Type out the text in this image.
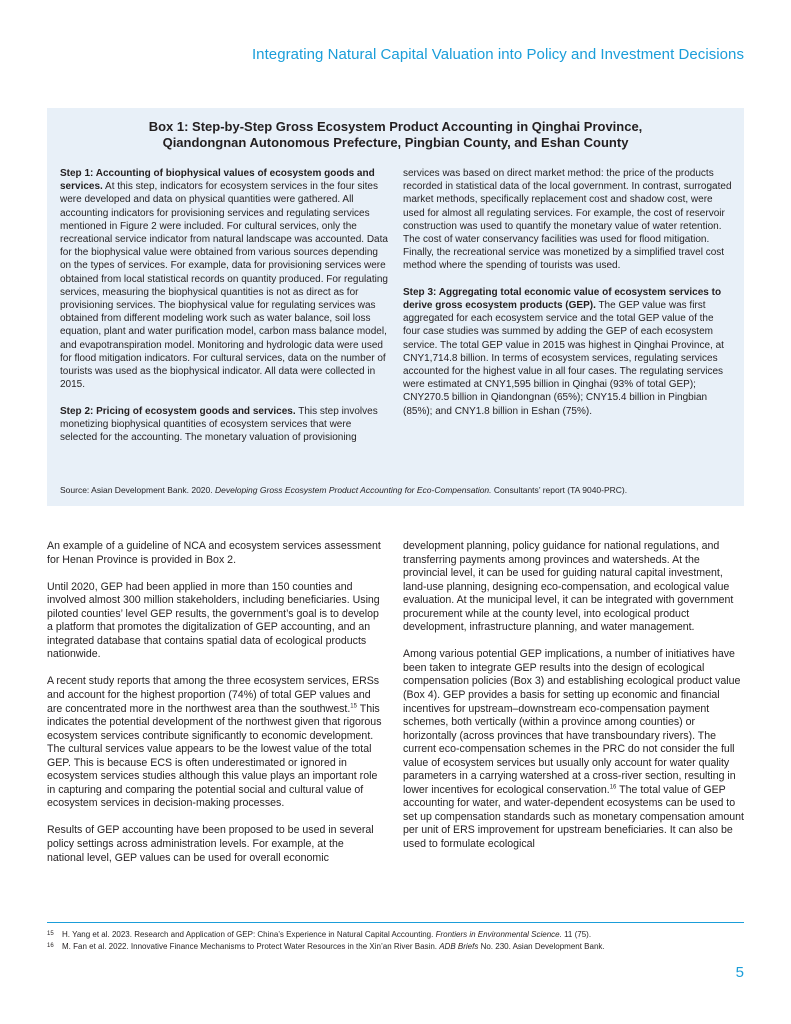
Integrating Natural Capital Valuation into Policy and Investment Decisions
Box 1: Step-by-Step Gross Ecosystem Product Accounting in Qinghai Province,
Qiandongnan Autonomous Prefecture, Pingbian County, and Eshan County

Step 1: Accounting of biophysical values of ecosystem goods and services. At this step, indicators for ecosystem services in the four sites were developed and data on physical quantities were gathered. All accounting indicators for provisioning services and regulating services mentioned in Figure 2 were included. For cultural services, only the recreational service indicator from natural landscape was accounted. Data for the biophysical value were obtained from various sources depending on the types of services. For example, data for provisioning services were obtained from local statistical records on quantity produced. For regulating services, measuring the biophysical quantities is not as direct as for provisioning services. The biophysical value for regulating services was obtained from different modeling work such as water balance, soil loss equation, plant and water purification model, carbon mass balance model, and evapotranspiration model. Monitoring and hydrologic data were used for flood mitigation indicators. For cultural services, data on the number of tourists was used as the biophysical indicator. All data were collected in 2015.

Step 2: Pricing of ecosystem goods and services. This step involves monetizing biophysical quantities of ecosystem services that were selected for the accounting. The monetary valuation of provisioning

services was based on direct market method: the price of the products recorded in statistical data of the local government. In contrast, surrogated market methods, specifically replacement cost and shadow cost, were used for almost all regulating services. For example, the cost of reservoir construction was used to quantify the monetary value of water retention. The cost of water conservancy facilities was used for flood mitigation. Finally, the recreational service was monetized by a simplified travel cost method where the spending of tourists was used.

Step 3: Aggregating total economic value of ecosystem services to derive gross ecosystem products (GEP). The GEP value was first aggregated for each ecosystem service and the total GEP value of the four case studies was summed by adding the GEP of each ecosystem service. The total GEP value in 2015 was highest in Qinghai Province, at CNY1,714.8 billion. In terms of ecosystem services, regulating services accounted for the highest value in all four cases. The regulating services were estimated at CNY1,595 billion in Qinghai (93% of total GEP); CNY270.5 billion in Qiandongnan (65%); CNY15.4 billion in Pingbian (85%); and CNY1.8 billion in Eshan (75%).

Source: Asian Development Bank. 2020. Developing Gross Ecosystem Product Accounting for Eco-Compensation. Consultants’ report (TA 9040-PRC).

An example of a guideline of NCA and ecosystem services assessment for Henan Province is provided in Box 2.

Until 2020, GEP had been applied in more than 150 counties and involved almost 300 million stakeholders, including beneficiaries. Using piloted counties’ level GEP results, the government’s goal is to develop a platform that promotes the digitalization of GEP accounting, and an integrated database that contains spatial data of ecological products nationwide.

A recent study reports that among the three ecosystem services, ERSs and account for the highest proportion (74%) of total GEP values and are concentrated more in the northwest area than the southwest.$^{15}$ This indicates the potential development of the northwest given that rigorous ecosystem services contribute significantly to economic development. The cultural services value appears to be the lowest value of the total GEP. This is because ECS is often underestimated or ignored in ecosystem services studies although this value plays an important role in capturing and comparing the potential social and cultural value of ecosystem services in decision-making processes.

Results of GEP accounting have been proposed to be used in several policy settings across administration levels. For example, at the national level, GEP values can be used for overall economic

development planning, policy guidance for national regulations, and transferring payments among provinces and watersheds. At the provincial level, it can be used for guiding natural capital investment, land-use planning, designing eco-compensation, and ecological value evaluation. At the municipal level, it can be integrated with government procurement while at the county level, into ecological product development, infrastructure planning, and water management.

Among various potential GEP implications, a number of initiatives have been taken to integrate GEP results into the design of ecological compensation policies (Box 3) and establishing ecological product value (Box 4). GEP provides a basis for setting up economic and financial incentives for upstream–downstream eco-compensation payment schemes, both vertically (within a province among counties) or horizontally (across provinces that have transboundary rivers). The current eco-compensation schemes in the PRC do not consider the full value of ecosystem services but usually only account for water quality parameters in a carrying watershed at a cross-river section, resulting in lower incentives for ecological conservation.$^{16}$ The total value of GEP accounting for water, and water-dependent ecosystems can be used to set up compensation standards such as monetary compensation amount per unit of ERS improvement for upstream beneficiaries. It can also be used to formulate ecological

15	H. Yang et al. 2023. Research and Application of GEP: China’s Experience in Natural Capital Accounting. Frontiers in Environmental Science. 11 (75).
16	M. Fan et al. 2022. Innovative Finance Mechanisms to Protect Water Resources in the Xin’an River Basin. ADB Briefs No. 230. Asian Development Bank.
5
